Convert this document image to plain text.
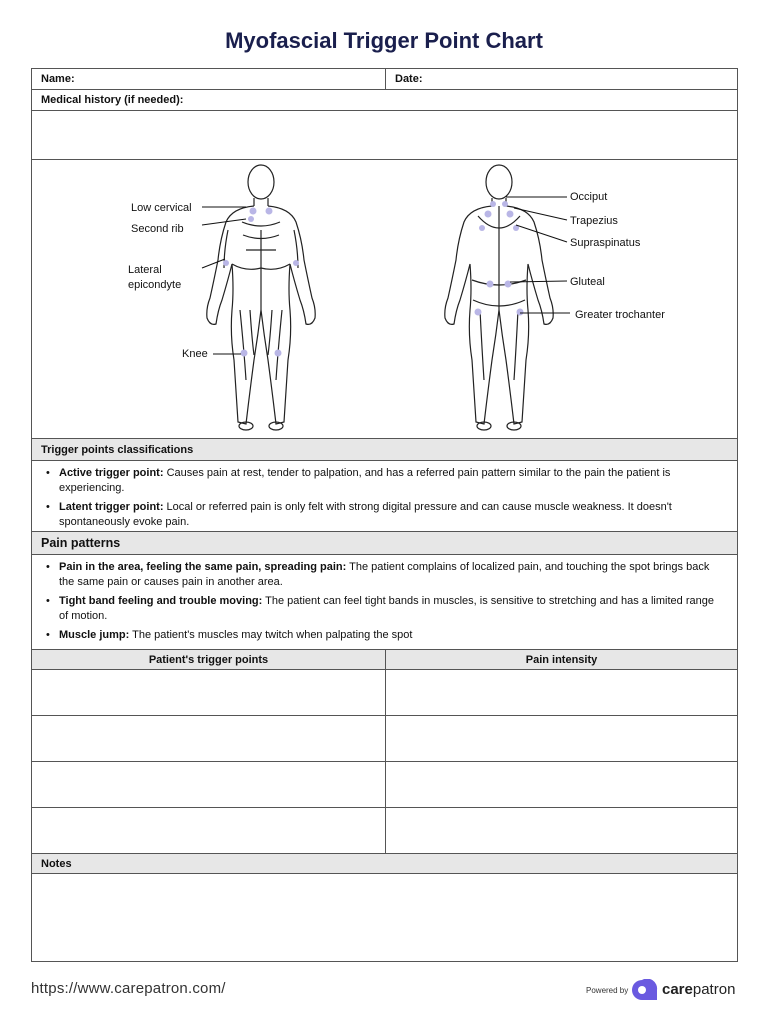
Myofascial Trigger Point Chart
Name:	Date:
Medical history (if needed):
Low cervical
Second rib
Lateral
epicondyte
Knee
Occiput
Trapezius
Supraspinatus
Gluteal
Greater trochanter
Trigger points classifications
• Active trigger point: Causes pain at rest, tender to palpation, and has a referred pain pattern similar to the pain the patient is experiencing.
• Latent trigger point: Local or referred pain is only felt with strong digital pressure and can cause muscle weakness. It doesn't spontaneously evoke pain.
Pain patterns
• Pain in the area, feeling the same pain, spreading pain: The patient complains of localized pain, and touching the spot brings back the same pain or causes pain in another area.
• Tight band feeling and trouble moving: The patient can feel tight bands in muscles, is sensitive to stretching and has a limited range of motion.
• Muscle jump: The patient's muscles may twitch when palpating the spot
Patient's trigger points	Pain intensity
Notes
https://www.carepatron.com/	Powered by carepatron
